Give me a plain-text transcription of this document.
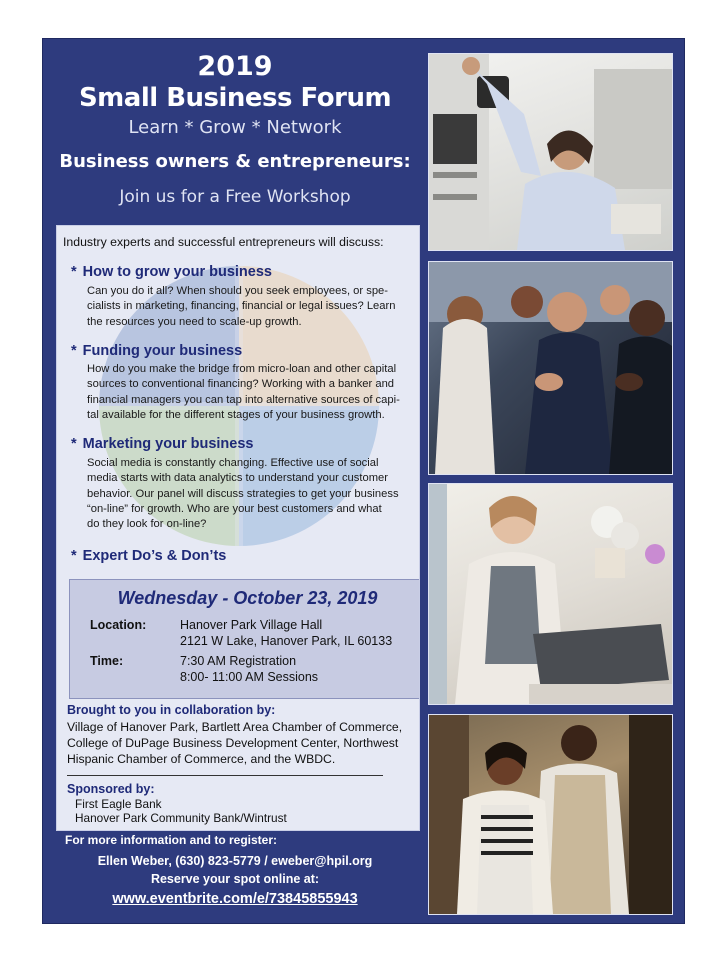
2019
Small Business Forum
Learn * Grow * Network
Business owners & entrepreneurs:
Join us for a Free Workshop
Industry experts and successful entrepreneurs will discuss:
* How to grow your business
Can you do it all? When should you seek employees, or spe-
cialists in marketing, financing, financial or legal issues? Learn
the resources you need to scale-up growth.
* Funding your business
How do you make the bridge from micro-loan and other capital
sources to conventional financing? Working with a banker and
financial managers you can tap into alternative sources of capi-
tal available for the different stages of your business growth.
* Marketing your business
Social media is constantly changing. Effective use of social
media starts with data analytics to understand your customer
behavior. Our panel will discuss strategies to get your business
“on-line” for growth. Who are your best customers and what
do they look for on-line?
* Expert Do’s & Don’ts
Wednesday - October 23, 2019
Location:	Hanover Park Village Hall
2121 W Lake, Hanover Park, IL 60133
Time:	7:30 AM Registration
8:00- 11:00 AM Sessions
Brought to you in collaboration by:
Village of Hanover Park, Bartlett Area Chamber of Commerce,
College of DuPage Business Development Center, Northwest
Hispanic Chamber of Commerce, and the WBDC.
Sponsored by:
First Eagle Bank
Hanover Park Community Bank/Wintrust
For more information and to register:
Ellen Weber, (630) 823-5779 / eweber@hpil.org
Reserve your spot online at:
www.eventbrite.com/e/73845855943
